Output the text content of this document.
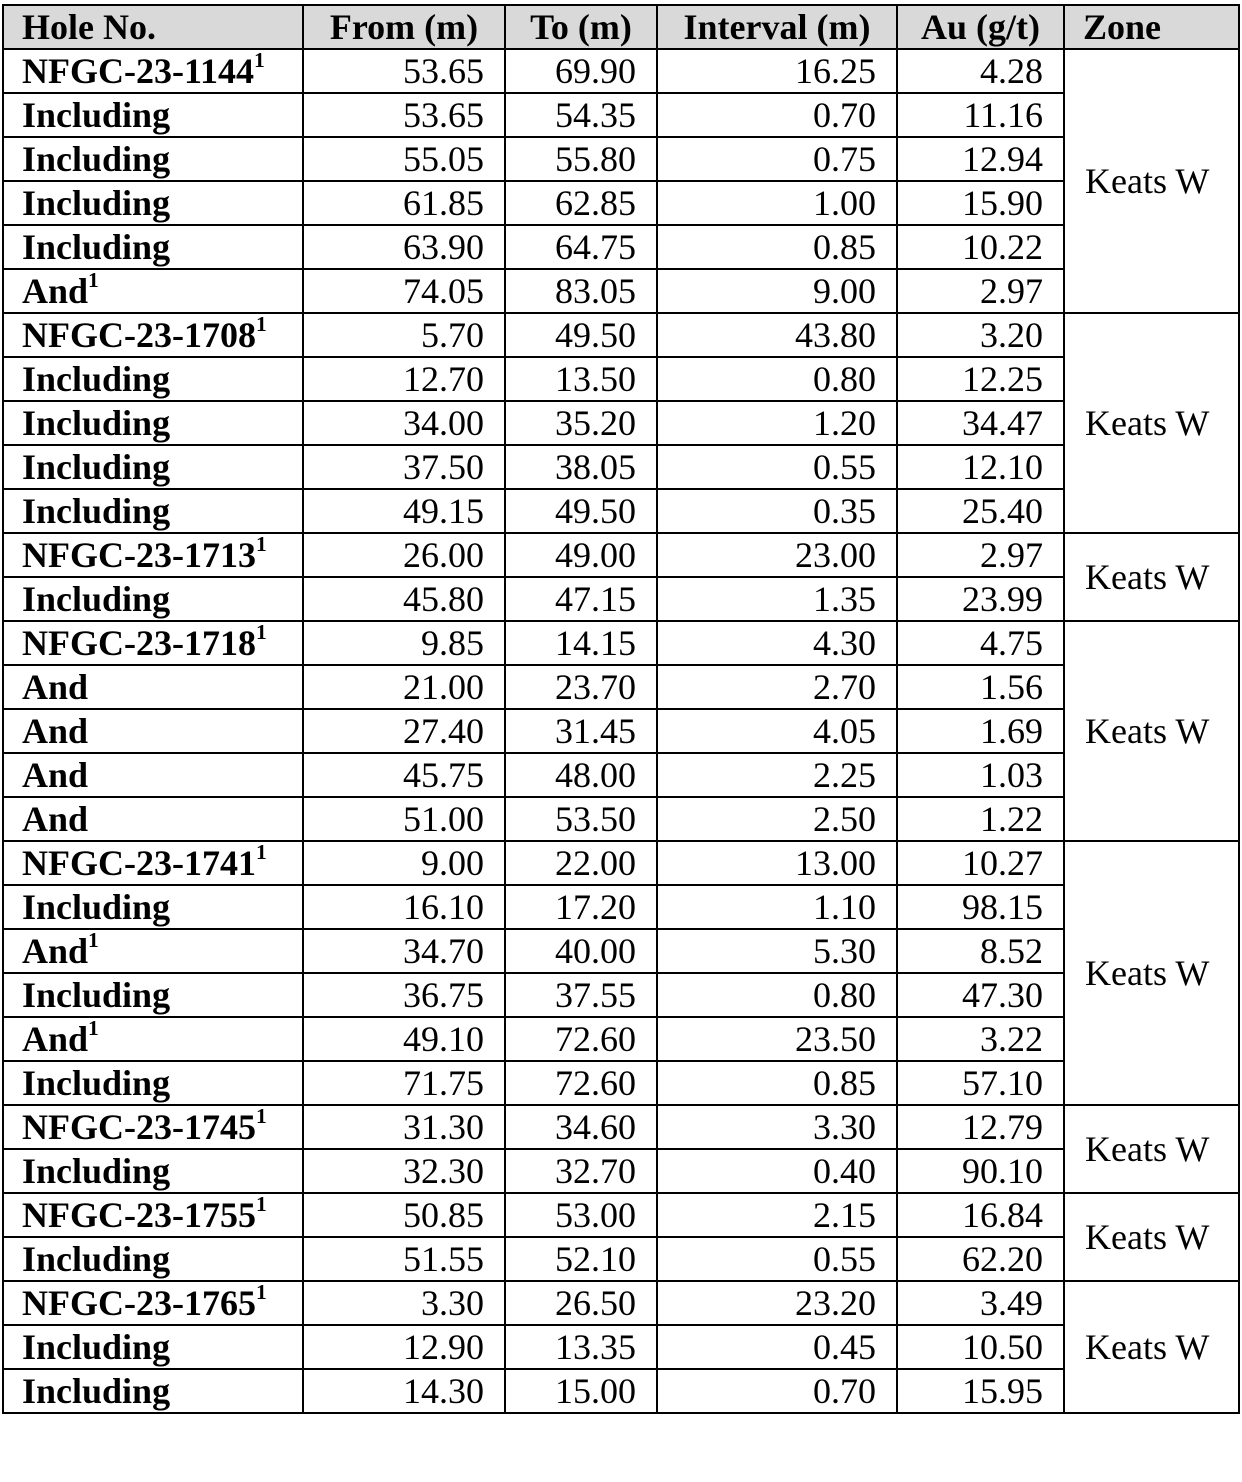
Hole No.	From (m)	To (m)	Interval (m)	Au (g/t)	Zone
NFGC-23-1144$^1$	53.65	69.90	16.25	4.28	Keats W
Including	53.65	54.35	0.70	11.16	
Including	55.05	55.80	0.75	12.94	
Including	61.85	62.85	1.00	15.90	
Including	63.90	64.75	0.85	10.22	
And$^1$	74.05	83.05	9.00	2.97	
NFGC-23-1708$^1$	5.70	49.50	43.80	3.20	Keats W
Including	12.70	13.50	0.80	12.25	
Including	34.00	35.20	1.20	34.47	
Including	37.50	38.05	0.55	12.10	
Including	49.15	49.50	0.35	25.40	
NFGC-23-1713$^1$	26.00	49.00	23.00	2.97	Keats W
Including	45.80	47.15	1.35	23.99	
NFGC-23-1718$^1$	9.85	14.15	4.30	4.75	Keats W
And	21.00	23.70	2.70	1.56	
And	27.40	31.45	4.05	1.69	
And	45.75	48.00	2.25	1.03	
And	51.00	53.50	2.50	1.22	
NFGC-23-1741$^1$	9.00	22.00	13.00	10.27	Keats W
Including	16.10	17.20	1.10	98.15	
And$^1$	34.70	40.00	5.30	8.52	
Including	36.75	37.55	0.80	47.30	
And$^1$	49.10	72.60	23.50	3.22	
Including	71.75	72.60	0.85	57.10	
NFGC-23-1745$^1$	31.30	34.60	3.30	12.79	Keats W
Including	32.30	32.70	0.40	90.10	
NFGC-23-1755$^1$	50.85	53.00	2.15	16.84	Keats W
Including	51.55	52.10	0.55	62.20	
NFGC-23-1765$^1$	3.30	26.50	23.20	3.49	Keats W
Including	12.90	13.35	0.45	10.50	
Including	14.30	15.00	0.70	15.95	
